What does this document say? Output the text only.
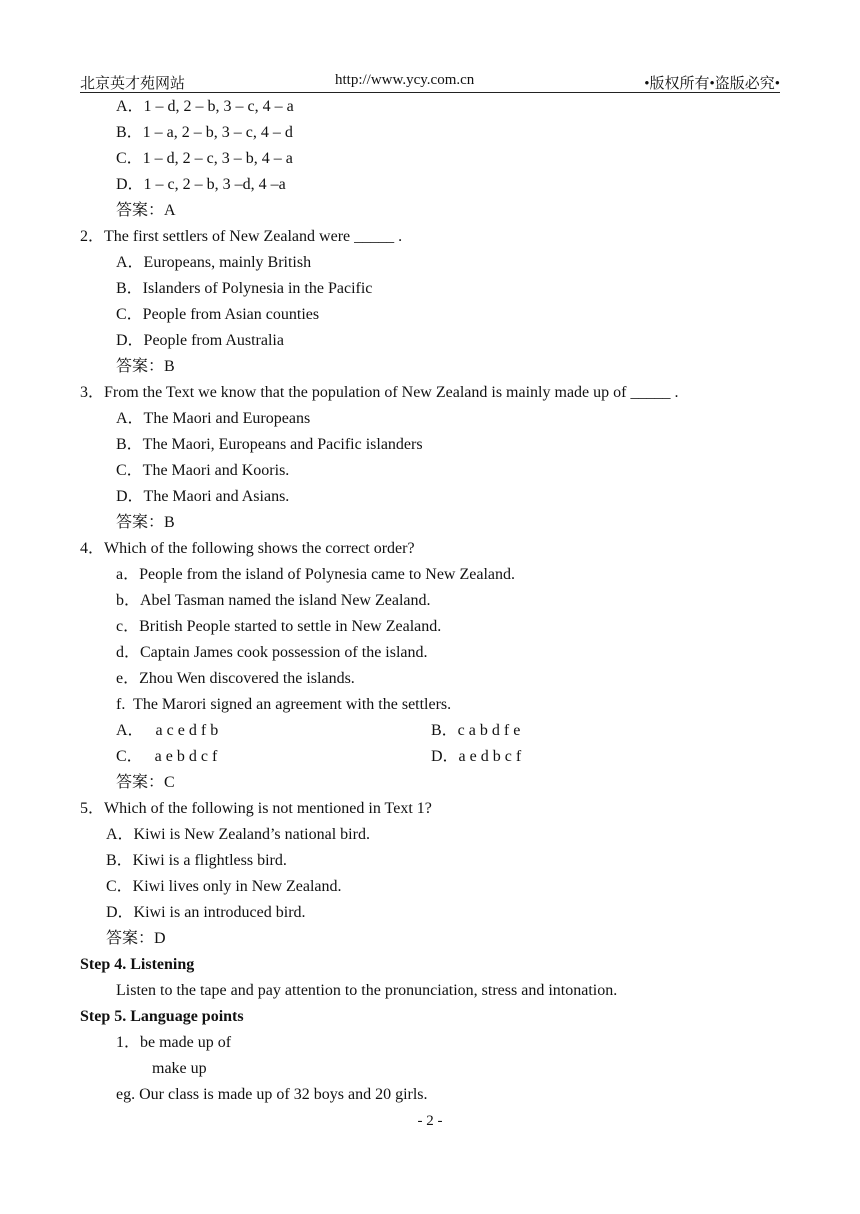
北京英才苑网站	http://www.ycy.com.cn	•版权所有•盗版必究•
A．1 – d, 2 – b, 3 – c, 4 – a
B．1 – a, 2 – b, 3 – c, 4 – d
C．1 – d, 2 – c, 3 – b, 4 – a
D．1 – c, 2 – b, 3 –d, 4 –a
答案：A
2．The first settlers of New Zealand were _____ .
A．Europeans, mainly British
B．Islanders of Polynesia in the Pacific
C．People from Asian counties
D．People from Australia
答案：B
3．From the Text we know that the population of New Zealand is mainly made up of _____ .
A．The Maori and Europeans
B．The Maori, Europeans and Pacific islanders
C．The Maori and Kooris.
D．The Maori and Asians.
答案：B
4．Which of the following shows the correct order?
a．People from the island of Polynesia came to New Zealand.
b．Abel Tasman named the island New Zealand.
c．British People started to settle in New Zealand.
d．Captain James cook possession of the island.
e．Zhou Wen discovered the islands.
f.  The Marori signed an agreement with the settlers.
A．   a c e d f b	B．c a b d f e
C．   a e b d c f	D．a e d b c f
答案：C
5．Which of the following is not mentioned in Text 1?
A．Kiwi is New Zealand’s national bird.
B．Kiwi is a flightless bird.
C．Kiwi lives only in New Zealand.
D．Kiwi is an introduced bird.
答案：D
Step 4. Listening
Listen to the tape and pay attention to the pronunciation, stress and intonation.
Step 5. Language points
1．be made up of
make up
eg. Our class is made up of 32 boys and 20 girls.
- 2 -
